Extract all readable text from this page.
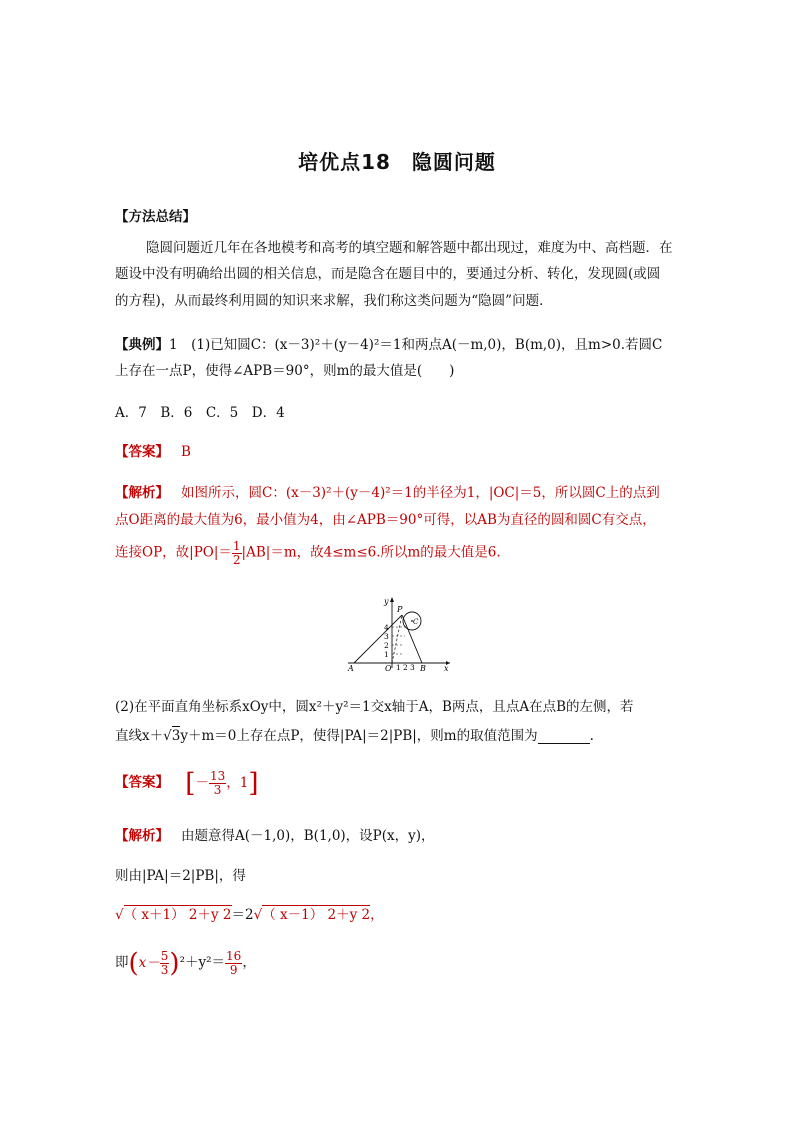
培优点18　隐圆问题
【方法总结】
隐圆问题近几年在各地模考和高考的填空题和解答题中都出现过，难度为中、高档题．在
题设中没有明确给出圆的相关信息，而是隐含在题目中的，要通过分析、转化，发现圆(或圆
的方程)，从而最终利用圆的知识来求解，我们称这类问题为“隐圆”问题．
【典例】1　(1)已知圆C：(x－3)²＋(y－4)²＝1和两点A(－m,0)，B(m,0)，且m>0.若圆C
上存在一点P，使得∠APB＝90°，则m的最大值是(　　)
A．7　B．6　C．5　D．4
【答案】 B
【解析】 如图所示，圆C：(x－3)²＋(y－4)²＝1的半径为1，|OC|＝5，所以圆C上的点到
点O距离的最大值为6，最小值为4，由∠APB＝90°可得，以AB为直径的圆和圆C有交点，
连接OP，故$|PO|= \frac{1}{2} |AB|=m$，故4≤m≤6.所以m的最大值是6.
y
x
4
3
2
1
1 2 3
A	B
O
P
C
(2)在平面直角坐标系xOy中，圆x²＋y²＝1交x轴于A，B两点，且点A在点B的左侧，若
直线x＋√3y＋m＝0上存在点P，使得|PA|＝2|PB|，则m的取值范围为	.
【答案】 [－ $\frac{13}{3}$ ，1]
【解析】 由题意得A(－1,0)，B(1,0)，设P(x，y)，
则由|PA|＝2|PB|，得
√（ x＋1） 2＋y 2＝2√（ x－1） 2＋y 2，
即$(x- \frac{5}{3} )^2+y^2= \frac{16}{9}$ ，
